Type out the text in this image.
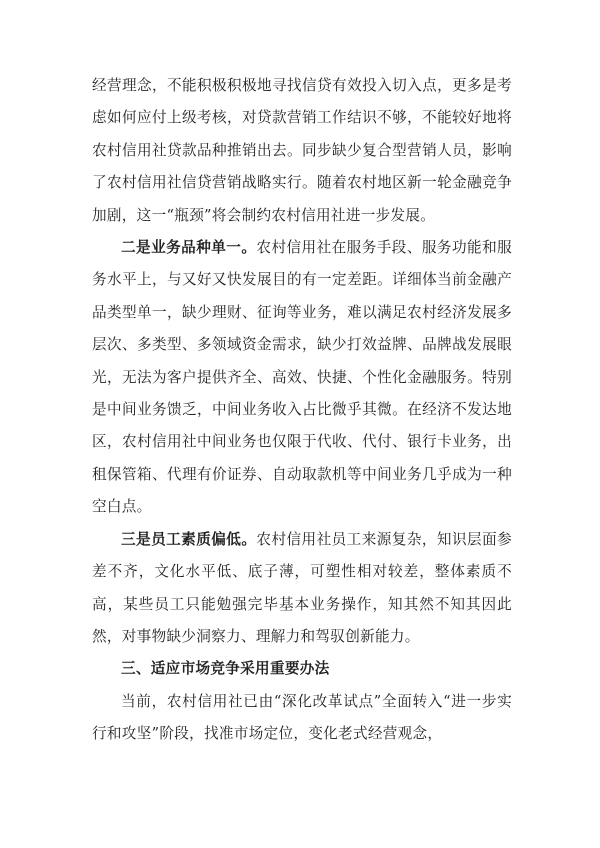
经营理念，不能积极积极地寻找信贷有效投入切入点，更多是考虑如何应付上级考核，对贷款营销工作结识不够，不能较好地将农村信用社贷款品种推销出去。同步缺少复合型营销人员，影响了农村信用社信贷营销战略实行。随着农村地区新一轮金融竞争加剧，这一“瓶颈”将会制约农村信用社进一步发展。

二是业务品种单一。农村信用社在服务手段、服务功能和服务水平上，与又好又快发展目的有一定差距。详细体当前金融产品类型单一，缺少理财、征询等业务，难以满足农村经济发展多层次、多类型、多领域资金需求，缺少打效益牌、品牌战发展眼光，无法为客户提供齐全、高效、快捷、个性化金融服务。特别是中间业务馈乏，中间业务收入占比微乎其微。在经济不发达地区，农村信用社中间业务也仅限于代收、代付、银行卡业务，出租保管箱、代理有价证券、自动取款机等中间业务几乎成为一种空白点。

三是员工素质偏低。农村信用社员工来源复杂，知识层面参差不齐，文化水平低、底子薄，可塑性相对较差，整体素质不高，某些员工只能勉强完毕基本业务操作，知其然不知其因此然，对事物缺少洞察力、理解力和驾驭创新能力。

三、适应市场竞争采用重要办法

当前，农村信用社已由“深化改革试点”全面转入“进一步实行和攻坚”阶段，找准市场定位，变化老式经营观念，
